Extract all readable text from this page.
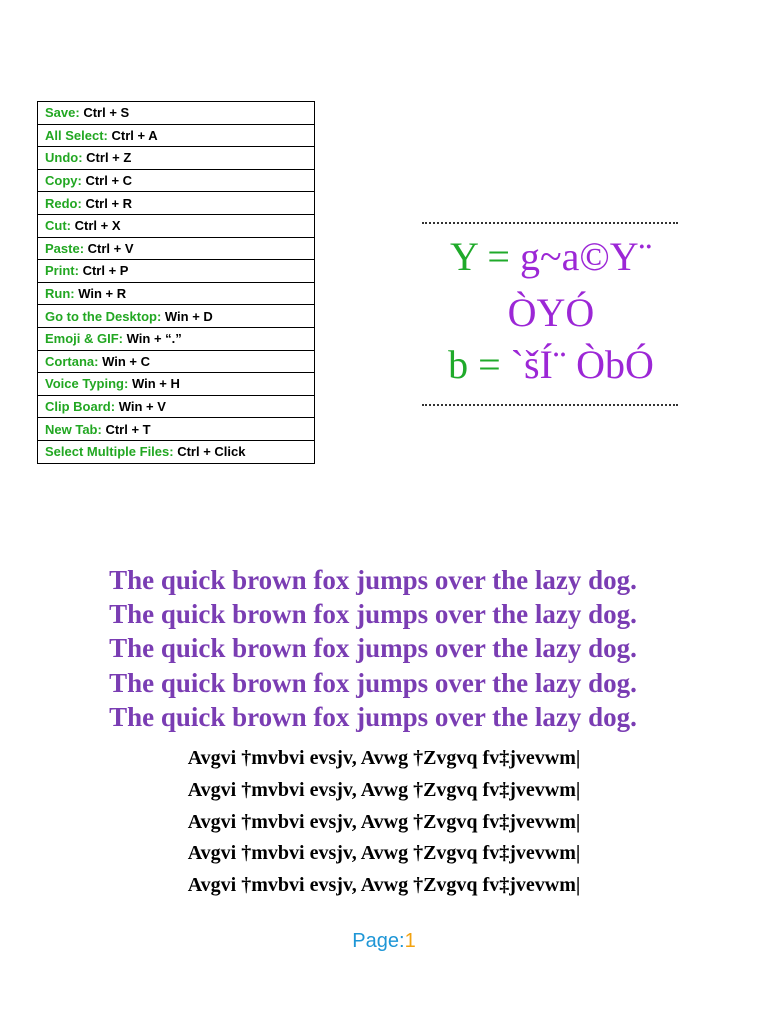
Save: Ctrl + S
All Select: Ctrl + A
Undo: Ctrl + Z
Copy: Ctrl + C
Redo: Ctrl + R
Cut: Ctrl + X
Paste: Ctrl + V
Print: Ctrl + P
Run: Win + R
Go to the Desktop: Win + D
Emoji & GIF: Win + “.”
Cortana: Win + C
Voice Typing: Win + H
Clip Board: Win + V
New Tab: Ctrl + T
Select Multiple Files: Ctrl + Click
Y = g~a©Y¨
ÒYÓ
b = `šÍ¨ ÒbÓ
The quick brown fox jumps over the lazy dog.
The quick brown fox jumps over the lazy dog.
The quick brown fox jumps over the lazy dog.
The quick brown fox jumps over the lazy dog.
The quick brown fox jumps over the lazy dog.
Avgvi †mvbvi evsjv, Avwg †Zvgvq fv‡jvevwm|
Avgvi †mvbvi evsjv, Avwg †Zvgvq fv‡jvevwm|
Avgvi †mvbvi evsjv, Avwg †Zvgvq fv‡jvevwm|
Avgvi †mvbvi evsjv, Avwg †Zvgvq fv‡jvevwm|
Avgvi †mvbvi evsjv, Avwg †Zvgvq fv‡jvevwm|
Page:1
